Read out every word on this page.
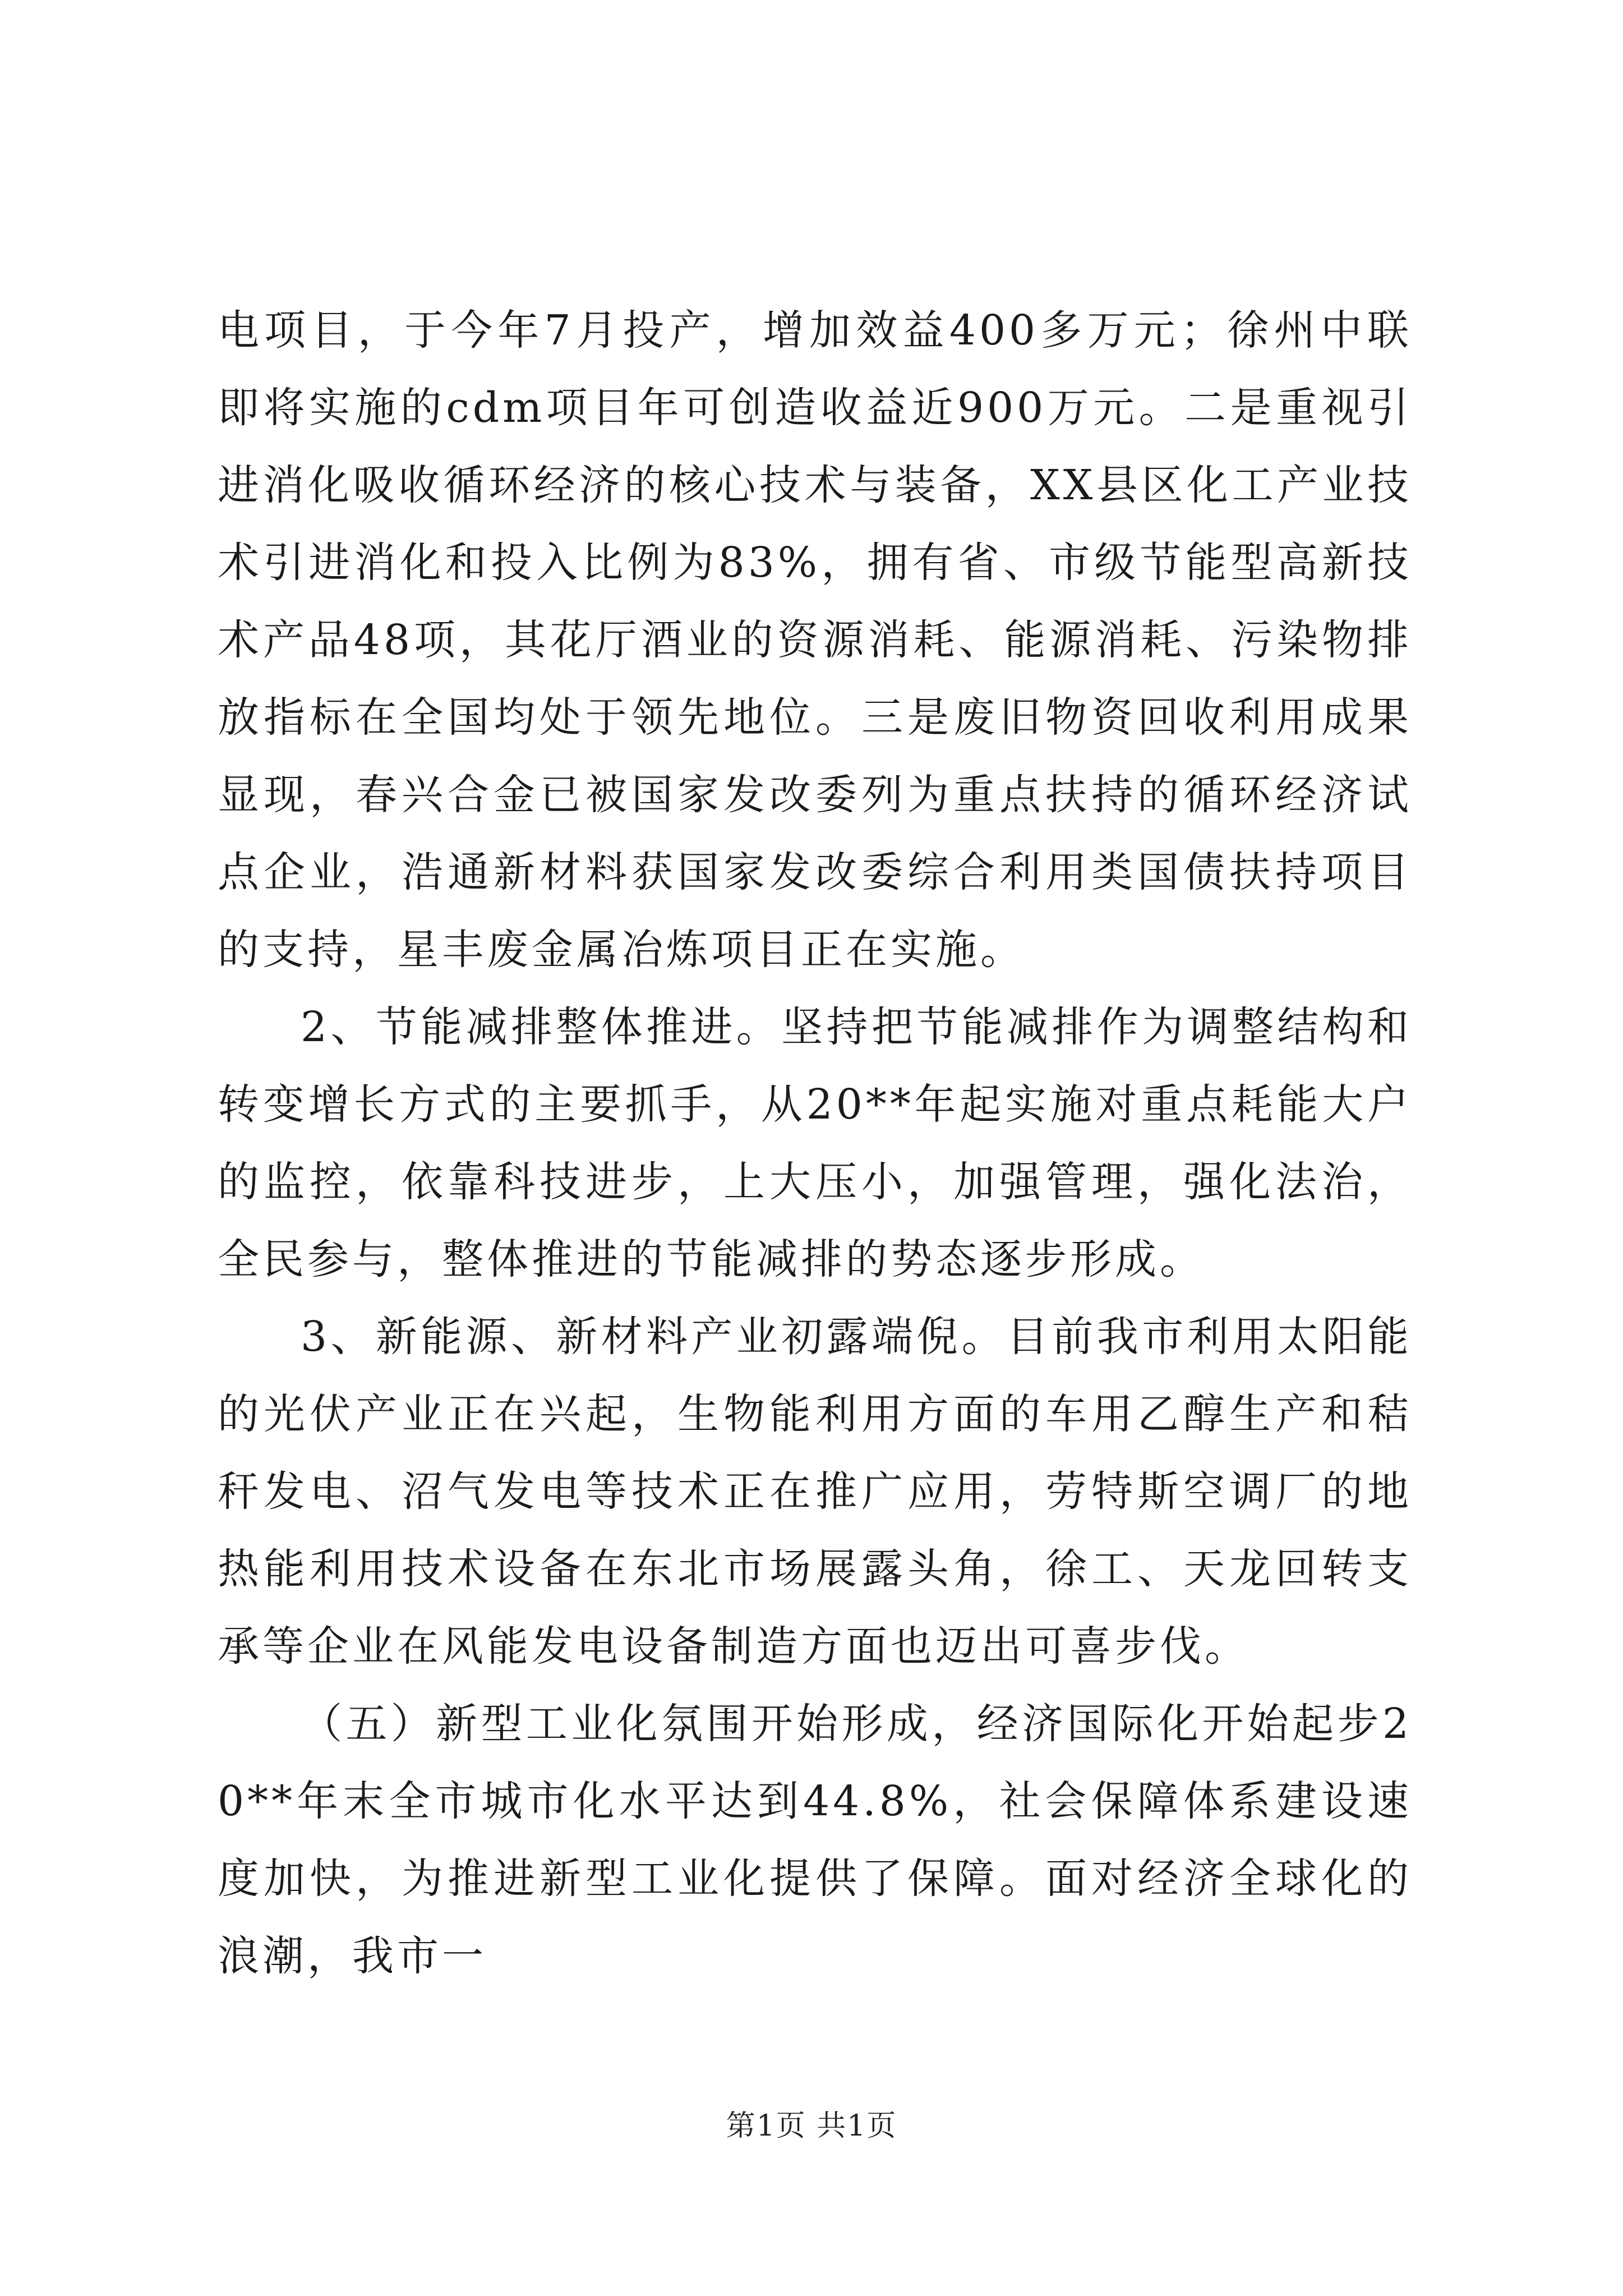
电项目，于今年7月投产，增加效益400多万元；徐州中联即将实施的cdm项目年可创造收益近900万元。二是重视引进消化吸收循环经济的核心技术与装备，XX县区化工产业技术引进消化和投入比例为83%，拥有省、市级节能型高新技术产品48项，其花厅酒业的资源消耗、能源消耗、污染物排放指标在全国均处于领先地位。三是废旧物资回收利用成果显现，春兴合金已被国家发改委列为重点扶持的循环经济试点企业，浩通新材料获国家发改委综合利用类国债扶持项目的支持，星丰废金属冶炼项目正在实施。

2、节能减排整体推进。坚持把节能减排作为调整结构和转变增长方式的主要抓手，从20**年起实施对重点耗能大户的监控，依靠科技进步，上大压小，加强管理，强化法治，全民参与，整体推进的节能减排的势态逐步形成。

3、新能源、新材料产业初露端倪。目前我市利用太阳能的光伏产业正在兴起，生物能利用方面的车用乙醇生产和秸秆发电、沼气发电等技术正在推广应用，劳特斯空调厂的地热能利用技术设备在东北市场展露头角，徐工、天龙回转支承等企业在风能发电设备制造方面也迈出可喜步伐。

（五）新型工业化氛围开始形成，经济国际化开始起步20**年末全市城市化水平达到44.8%，社会保障体系建设速度加快，为推进新型工业化提供了保障。面对经济全球化的浪潮，我市一

第1页 共1页
